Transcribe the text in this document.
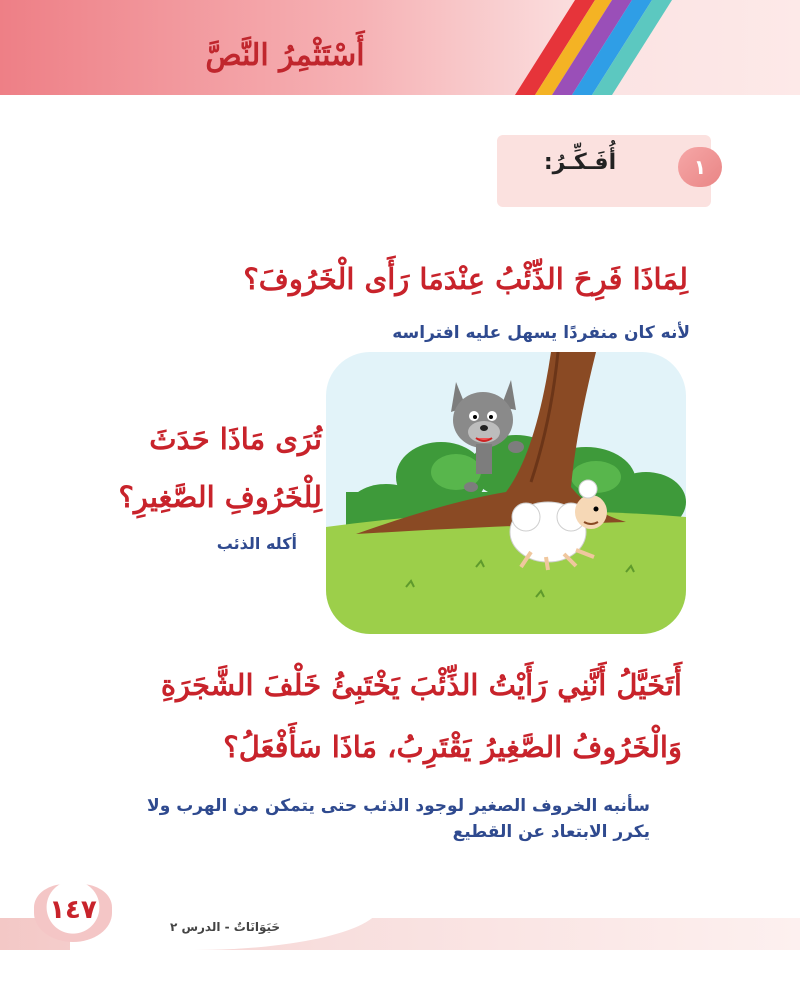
أَسْتَثْمِرُ النَّصَّ
أُفَـكِّـرُ:	١
لِمَاذَا فَرِحَ الذِّئْبُ عِنْدَمَا رَأَى الْخَرُوفَ؟
لأنه كان منفردًا يسهل عليه افتراسه
تُرَى مَاذَا حَدَثَ
لِلْخَرُوفِ الصَّغِيرِ؟
أكله الذئب
أَتَخَيَّلُ أَنَّنِي رَأَيْتُ الذِّئْبَ يَخْتَبِئُ خَلْفَ الشَّجَرَةِ
وَالْخَرُوفُ الصَّغِيرُ يَقْتَرِبُ، مَاذَا سَأَفْعَلُ؟
سأنبه الخروف الصغير لوجود الذئب حتى يتمكن من الهرب ولا يكرر الابتعاد عن القطيع
١٤٧
حَيَوَانَاتٌ - الدرس ٢
